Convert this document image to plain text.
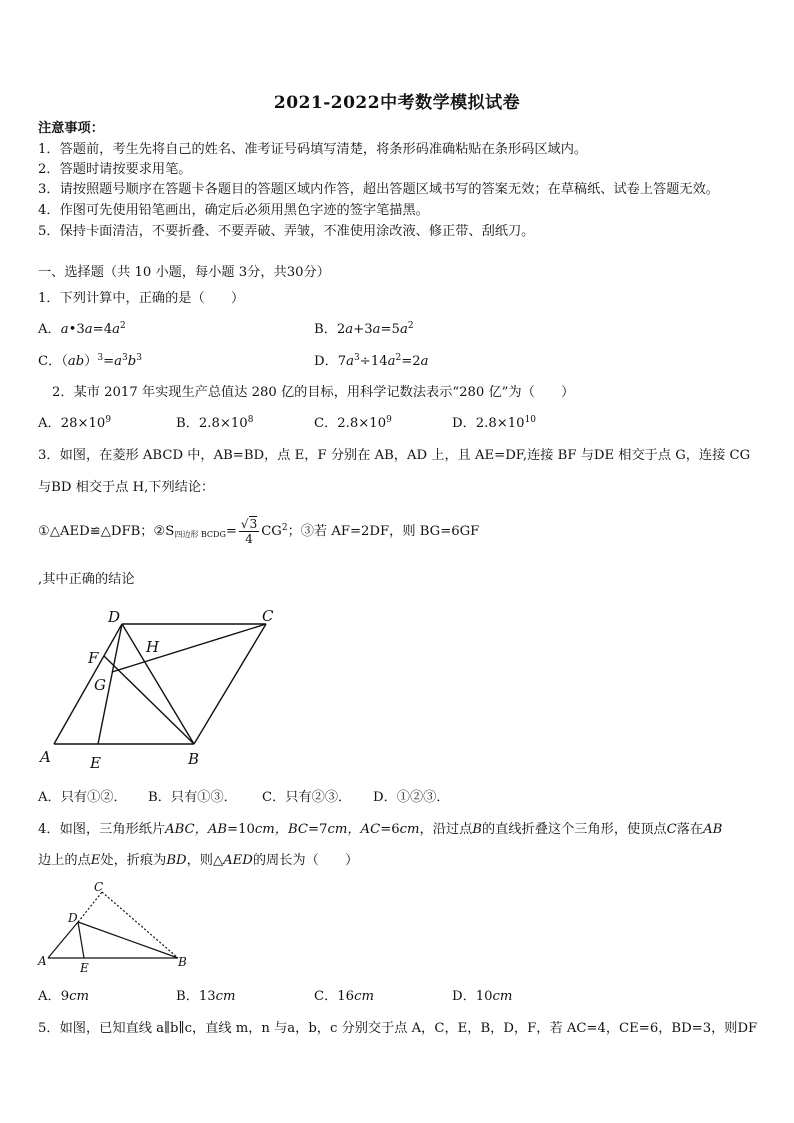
2021-2022中考数学模拟试卷
注意事项：
1．答题前，考生先将自己的姓名、准考证号码填写清楚，将条形码准确粘贴在条形码区域内。
2．答题时请按要求用笔。
3．请按照题号顺序在答题卡各题目的答题区域内作答，超出答题区域书写的答案无效；在草稿纸、试卷上答题无效。
4．作图可先使用铅笔画出，确定后必须用黑色字迹的签字笔描黑。
5．保持卡面清洁，不要折叠、不要弄破、弄皱，不准使用涂改液、修正带、刮纸刀。
一、选择题（共 10 小题，每小题 3分，共30分）
1．下列计算中，正确的是（　　）
A．$a•3a=4a^2$	B．$2a+3a=5a^2$
C．$(ab)^3=a^3b^3$	D．$7a^3\div 14a^2=2a$
2．某市 2017 年实现生产总值达 280 亿的目标，用科学记数法表示“280 亿”为（　　）
A．$28\times 10^9$	B．$2.8\times 10^8$	C．$2.8\times 10^9$	D．$2.8\times 10^{10}$
3．如图，在菱形 ABCD 中，AB=BD，点 E，F 分别在 AB，AD 上，且 AE=DF,连接 BF 与DE 相交于点 G，连接 CG
与BD 相交于点 H,下列结论：
①△AED≌△DFB；$②S_{四边形 BCDG}= \frac{√3}{4} CG^2$；③若 AF=2DF，则 BG=6GF
,其中正确的结论
D	C
H
F
G
A	E	B
A．只有①②． B．只有①③． C．只有②③． D．①②③．
4．如图，三角形纸片ABC，AB=10cm，BC=7cm，AC=6cm，沿过点B的直线折叠这个三角形，使顶点C落在AB
边上的点E处，折痕为BD，则△AED的周长为（　　）
C
D
A	E	B
A．9cm	B．13cm	C．16cm	D．10cm
5．如图，已知直线 a∥b∥c，直线 m，n 与a，b，c 分别交于点 A，C，E，B，D，F，若 AC=4，CE=6，BD=3，则DF
